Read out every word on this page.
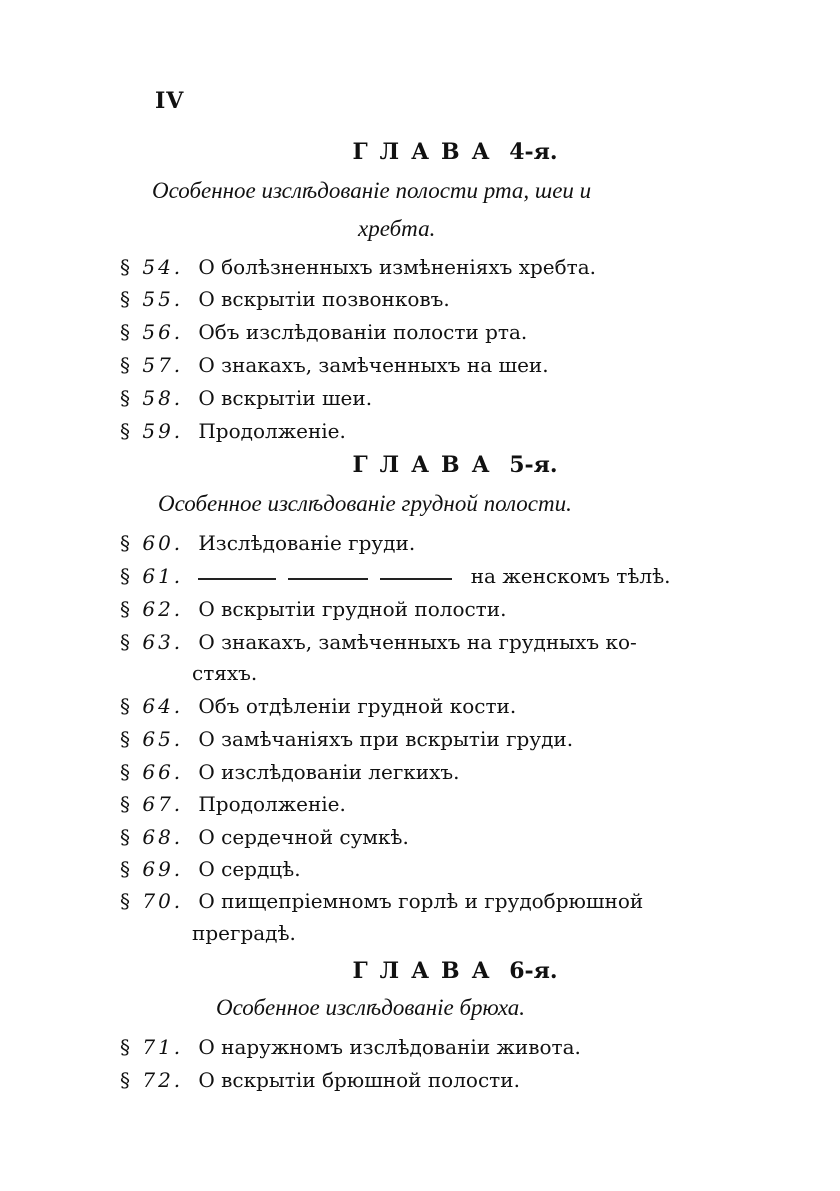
IV
ГЛАВА 4-я.
Особенное изслѣдованіе полости рта, шеи и
хребта.
§ 54. О болѣзненныхъ измѣненіяхъ хребта.
§ 55. О вскрытіи позвонковъ.
§ 56. Объ изслѣдованіи полости рта.
§ 57. О знакахъ, замѣченныхъ на шеи.
§ 58. О вскрытіи шеи.
§ 59. Продолженіе.
ГЛАВА 5-я.
Особенное изслѣдованіе грудной полости.
§ 60. Изслѣдованіе груди.
§ 61.	на женскомъ тѣлѣ.
§ 62. О вскрытіи грудной полости.
§ 63. О знакахъ, замѣченныхъ на грудныхъ ко-
стяхъ.
§ 64. Объ отдѣленіи грудной кости.
§ 65. О замѣчаніяхъ при вскрытіи груди.
§ 66. О изслѣдованіи легкихъ.
§ 67. Продолженіе.
§ 68. О сердечной сумкѣ.
§ 69. О сердцѣ.
§ 70. О пищепріемномъ горлѣ и грудобрюшной
преградѣ.
ГЛАВА 6-я.
Особенное изслѣдованіе брюха.
§ 71. О наружномъ изслѣдованіи живота.
§ 72. О вскрытіи брюшной полости.
